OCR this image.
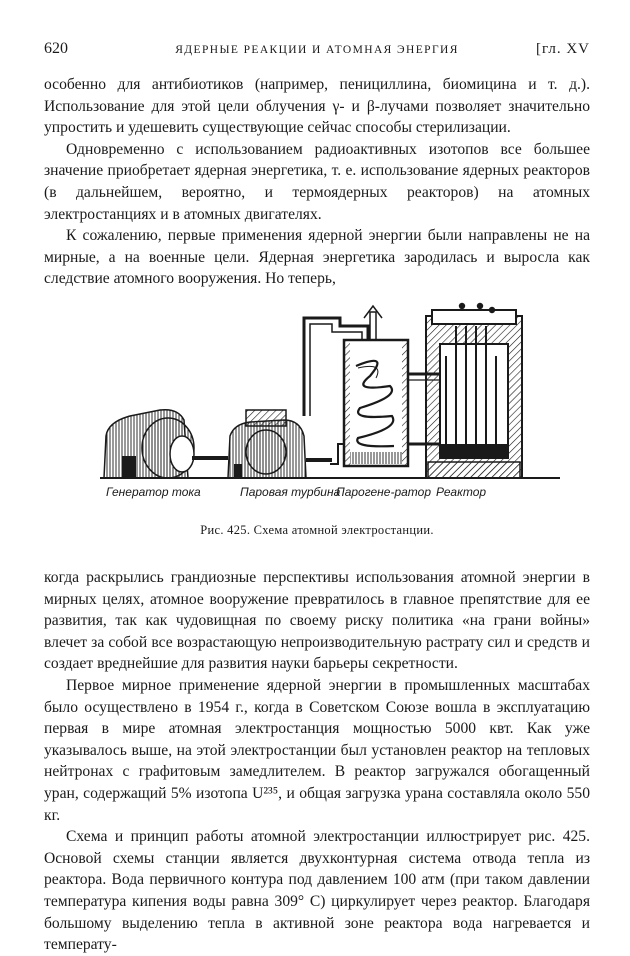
620	ЯДЕРНЫЕ РЕАКЦИИ И АТОМНАЯ ЭНЕРГИЯ	[гл. XV

особенно для антибиотиков (например, пенициллина, биомицина и т. д.). Использование для этой цели облучения γ- и β-лучами позволяет значительно упростить и удешевить существующие сейчас способы стерилизации.

Одновременно с использованием радиоактивных изотопов все большее значение приобретает ядерная энергетика, т. е. использование ядерных реакторов (в дальнейшем, вероятно, и термоядерных реакторов) на атомных электростанциях и в атомных двигателях.

К сожалению, первые применения ядерной энергии были направлены не на мирные, а на военные цели. Ядерная энергетика зародилась и выросла как следствие атомного вооружения. Но теперь,

Генератор тока	Паровая турбина
Парогене-ратор Реактор
Рис. 425. Схема атомной электростанции.

когда раскрылись грандиозные перспективы использования атомной энергии в мирных целях, атомное вооружение превратилось в главное препятствие для ее развития, так как чудовищная по своему риску политика «на грани войны» влечет за собой все возрастающую непроизводительную растрату сил и средств и создает вреднейшие для развития науки барьеры секретности.

Первое мирное применение ядерной энергии в промышленных масштабах было осуществлено в 1954 г., когда в Советском Союзе вошла в эксплуатацию первая в мире атомная электростанция мощностью 5000 квт. Как уже указывалось выше, на этой электростанции был установлен реактор на тепловых нейтронах с графитовым замедлителем. В реактор загружался обогащенный уран, содержащий 5% изотопа U²³⁵, и общая загрузка урана составляла около 550 кг.

Схема и принцип работы атомной электростанции иллюстрирует рис. 425. Основой схемы станции является двухконтурная система отвода тепла из реактора. Вода первичного контура под давлением 100 атм (при таком давлении температура кипения воды равна 309° С) циркулирует через реактор. Благодаря большому выделению тепла в активной зоне реактора вода нагревается и температу-
